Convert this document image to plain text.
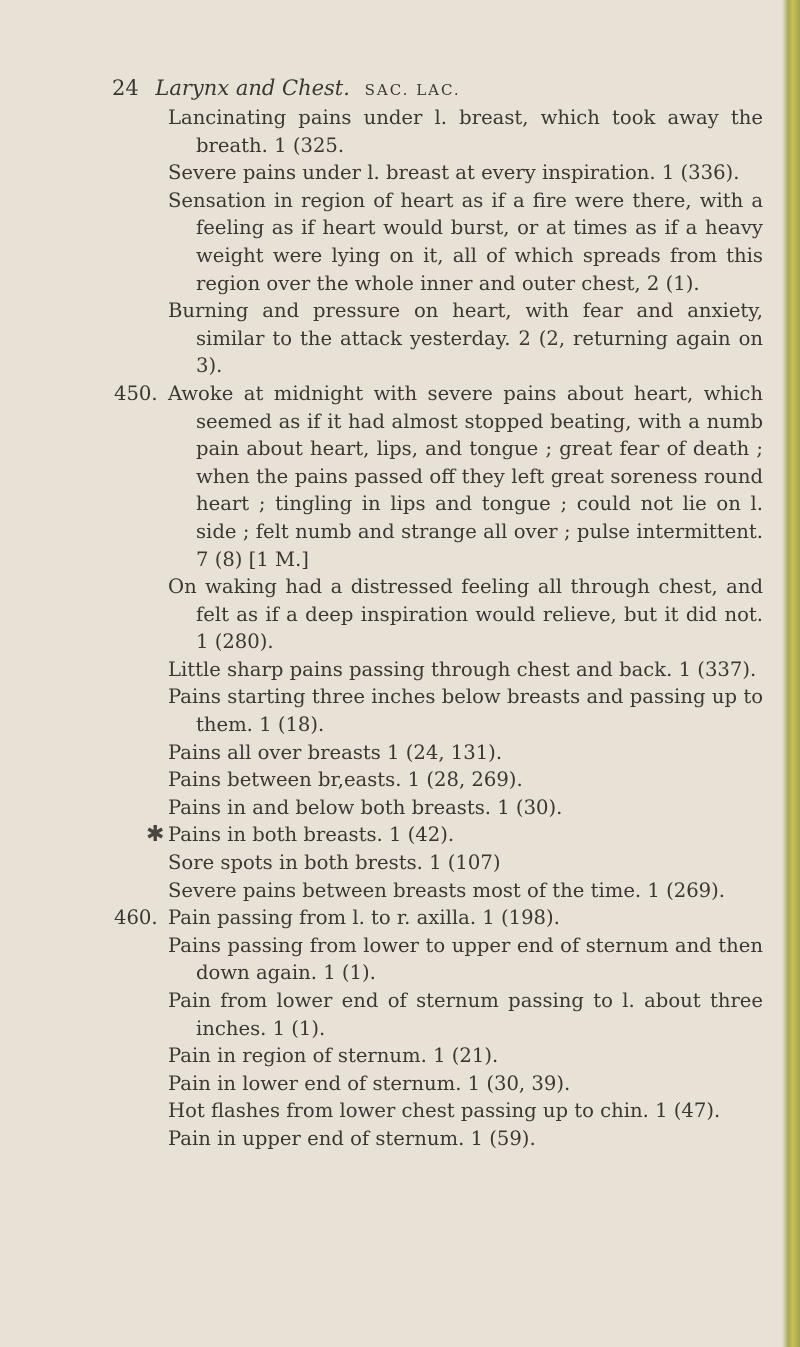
24 Larynx and Chest. SAC. LAC.
Lancinating pains under l. breast, which took away the breath. 1 (325.
Severe pains under l. breast at every inspiration. 1 (336).
Sensation in region of heart as if a fire were there, with a feeling as if heart would burst, or at times as if a heavy weight were lying on it, all of which spreads from this region over the whole inner and outer chest, 2 (1).
Burning and pressure on heart, with fear and anxiety, similar to the attack yesterday. 2 (2, returning again on 3).
450. Awoke at midnight with severe pains about heart, which seemed as if it had almost stopped beating, with a numb pain about heart, lips, and tongue ; great fear of death ; when the pains passed off they left great soreness round heart ; tingling in lips and tongue ; could not lie on l. side ; felt numb and strange all over ; pulse intermittent. 7 (8) [1 M.]
On waking had a distressed feeling all through chest, and felt as if a deep inspiration would relieve, but it did not. 1 (280).
Little sharp pains passing through chest and back. 1 (337).
Pains starting three inches below breasts and passing up to them. 1 (18).
Pains all over breasts 1 (24, 131).
Pains between br,easts. 1 (28, 269).
Pains in and below both breasts. 1 (30).
✱ Pains in both breasts. 1 (42).
Sore spots in both brests. 1 (107)
Severe pains between breasts most of the time. 1 (269).
460. Pain passing from l. to r. axilla. 1 (198).
Pains passing from lower to upper end of sternum and then down again. 1 (1).
Pain from lower end of sternum passing to l. about three inches. 1 (1).
Pain in region of sternum. 1 (21).
Pain in lower end of sternum. 1 (30, 39).
Hot flashes from lower chest passing up to chin. 1 (47).
Pain in upper end of sternum. 1 (59).
